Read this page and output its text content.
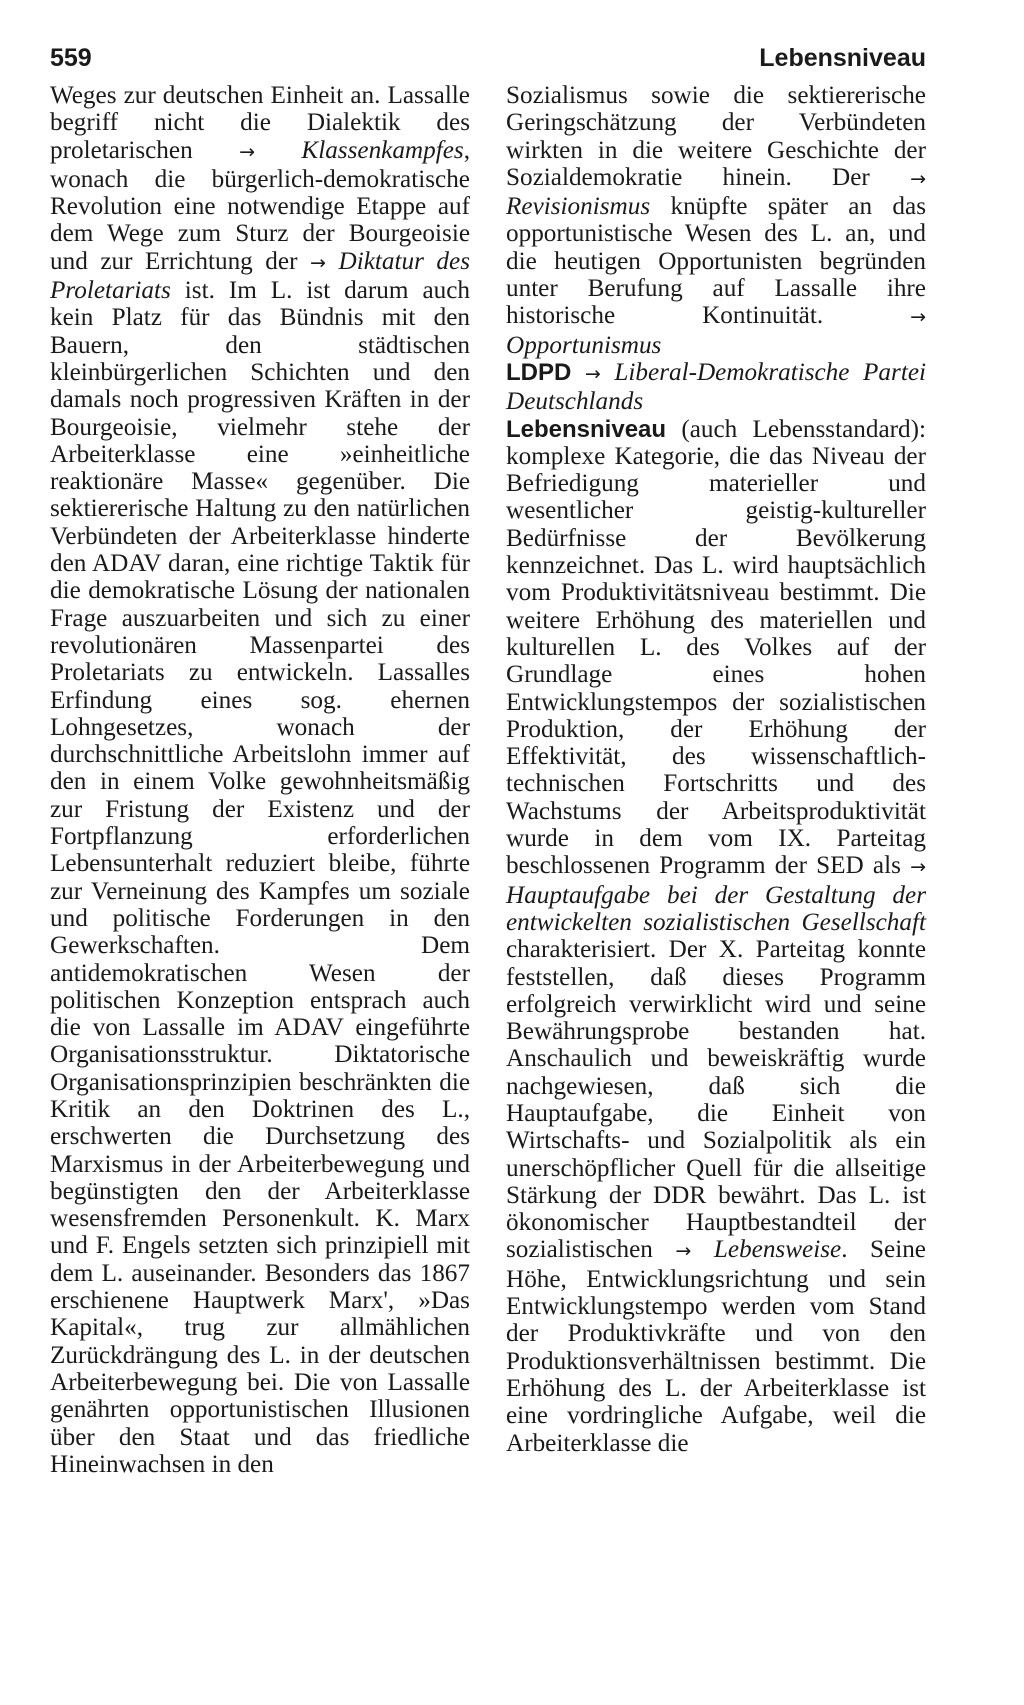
559	Lebensniveau

Weges zur deutschen Einheit an. Lassalle begriff nicht die Dialektik des proletarischen → Klassenkampfes, wonach die bürgerlich-demokratische Revolution eine notwendige Etappe auf dem Wege zum Sturz der Bourgeoisie und zur Errichtung der → Diktatur des Proletariats ist. Im L. ist darum auch kein Platz für das Bündnis mit den Bauern, den städtischen kleinbürgerlichen Schichten und den damals noch progressiven Kräften in der Bourgeoisie, vielmehr stehe der Arbeiterklasse eine »einheitliche reaktionäre Masse« gegenüber. Die sektiererische Haltung zu den natürlichen Verbündeten der Arbeiterklasse hinderte den ADAV daran, eine richtige Taktik für die demokratische Lösung der nationalen Frage auszuarbeiten und sich zu einer revolutionären Massenpartei des Proletariats zu entwickeln. Lassalles Erfindung eines sog. ehernen Lohngesetzes, wonach der durchschnittliche Arbeitslohn immer auf den in einem Volke gewohnheitsmäßig zur Fristung der Existenz und der Fortpflanzung erforderlichen Lebensunterhalt reduziert bleibe, führte zur Verneinung des Kampfes um soziale und politische Forderungen in den Gewerkschaften. Dem antidemokratischen Wesen der politischen Konzeption entsprach auch die von Lassalle im ADAV eingeführte Organisationsstruktur. Diktatorische Organisationsprinzipien beschränkten die Kritik an den Doktrinen des L., erschwerten die Durchsetzung des Marxismus in der Arbeiterbewegung und begünstigten den der Arbeiterklasse wesensfremden Personenkult. K. Marx und F. Engels setzten sich prinzipiell mit dem L. auseinander. Besonders das 1867 erschienene Hauptwerk Marx', »Das Kapital«, trug zur allmählichen Zurückdrängung des L. in der deutschen Arbeiterbewegung bei. Die von Lassalle genährten opportunistischen Illusionen über den Staat und das friedliche Hineinwachsen in den

Sozialismus sowie die sektiererische Geringschätzung der Verbündeten wirkten in die weitere Geschichte der Sozialdemokratie hinein. Der → Revisionismus knüpfte später an das opportunistische Wesen des L. an, und die heutigen Opportunisten begründen unter Berufung auf Lassalle ihre historische Kontinuität. → Opportunismus

LDPD → Liberal-Demokratische Partei Deutschlands

Lebensniveau (auch Lebensstandard): komplexe Kategorie, die das Niveau der Befriedigung materieller und wesentlicher geistig-kultureller Bedürfnisse der Bevölkerung kennzeichnet. Das L. wird hauptsächlich vom Produktivitätsniveau bestimmt. Die weitere Erhöhung des materiellen und kulturellen L. des Volkes auf der Grundlage eines hohen Entwicklungstempos der sozialistischen Produktion, der Erhöhung der Effektivität, des wissenschaftlich-technischen Fortschritts und des Wachstums der Arbeitsproduktivität wurde in dem vom IX. Parteitag beschlossenen Programm der SED als → Hauptaufgabe bei der Gestaltung der entwickelten sozialistischen Gesellschaft charakterisiert. Der X. Parteitag konnte feststellen, daß dieses Programm erfolgreich verwirklicht wird und seine Bewährungsprobe bestanden hat. Anschaulich und beweiskräftig wurde nachgewiesen, daß sich die Hauptaufgabe, die Einheit von Wirtschafts- und Sozialpolitik als ein unerschöpflicher Quell für die allseitige Stärkung der DDR bewährt. Das L. ist ökonomischer Hauptbestandteil der sozialistischen → Lebensweise. Seine Höhe, Entwicklungsrichtung und sein Entwicklungstempo werden vom Stand der Produktivkräfte und von den Produktionsverhältnissen bestimmt. Die Erhöhung des L. der Arbeiterklasse ist eine vordringliche Aufgabe, weil die Arbeiterklasse die
